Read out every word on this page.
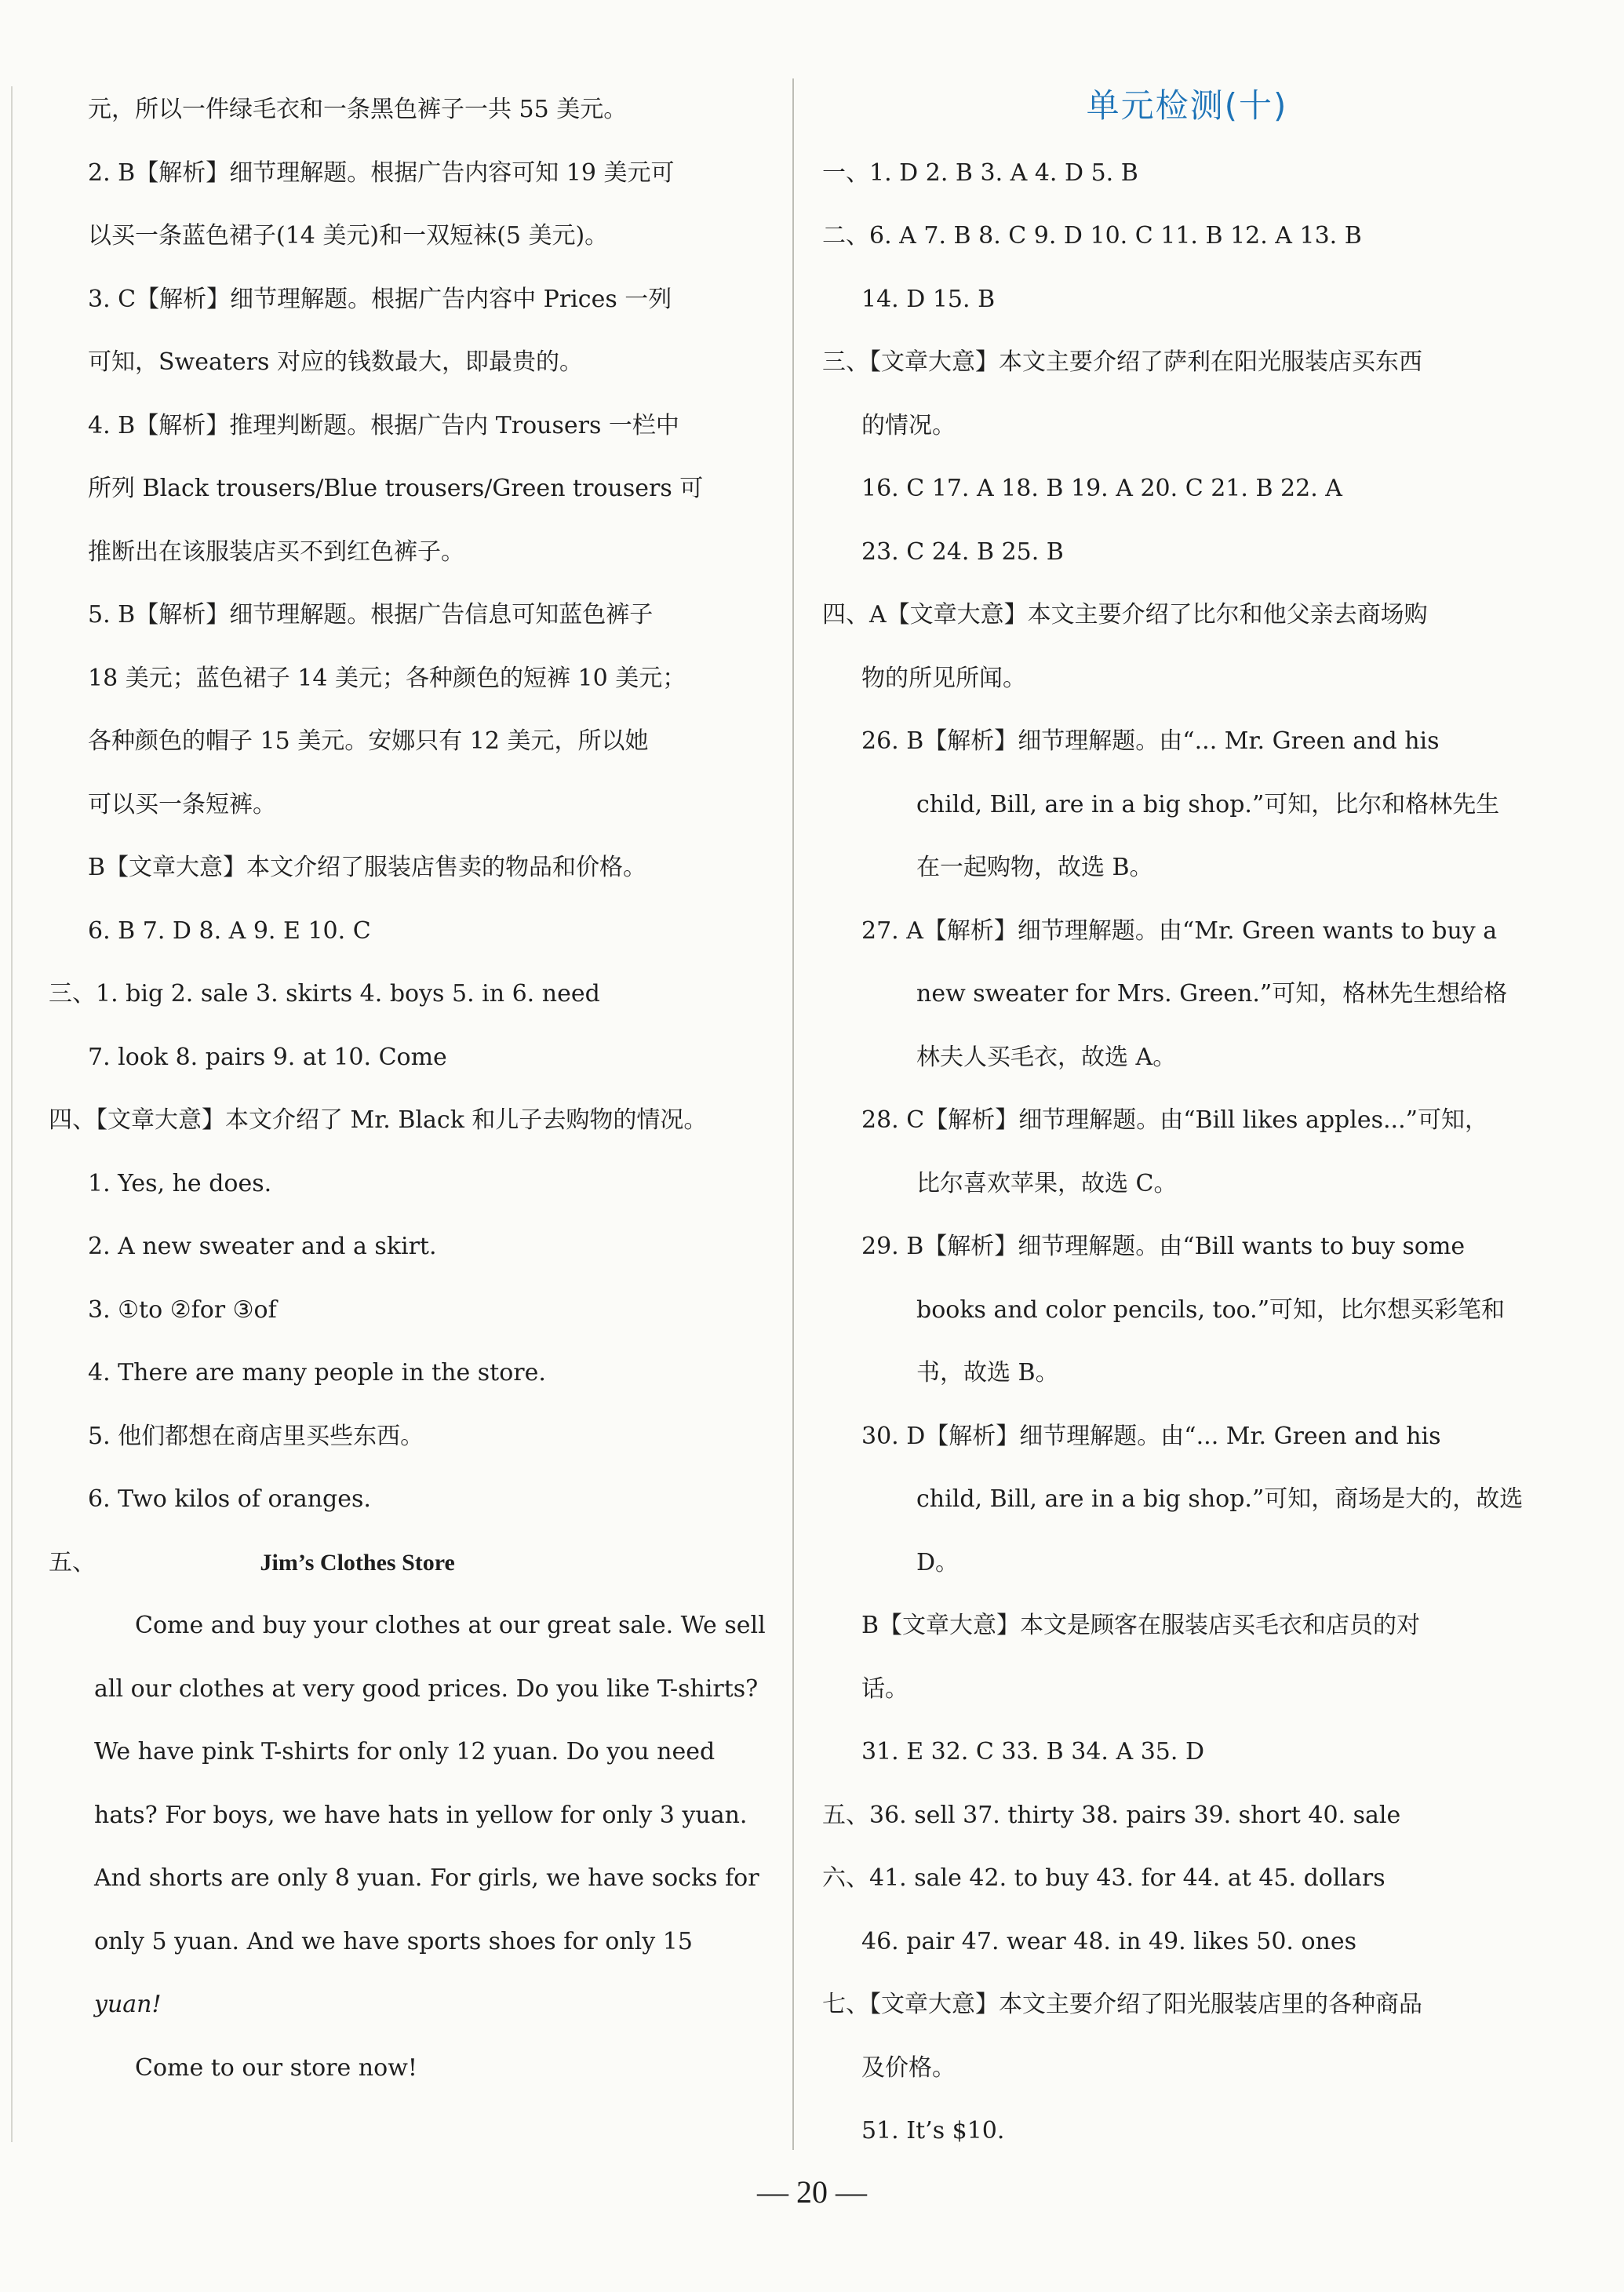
元，所以一件绿毛衣和一条黑色裤子一共 55 美元。
2. B【解析】细节理解题。根据广告内容可知 19 美元可
以买一条蓝色裙子(14 美元)和一双短袜(5 美元)。
3. C【解析】细节理解题。根据广告内容中 Prices 一列
可知，Sweaters 对应的钱数最大，即最贵的。
4. B【解析】推理判断题。根据广告内 Trousers 一栏中
所列 Black trousers/Blue trousers/Green trousers 可
推断出在该服装店买不到红色裤子。
5. B【解析】细节理解题。根据广告信息可知蓝色裤子
18 美元；蓝色裙子 14 美元；各种颜色的短裤 10 美元；
各种颜色的帽子 15 美元。安娜只有 12 美元，所以她
可以买一条短裤。
B【文章大意】本文介绍了服装店售卖的物品和价格。
6. B 7. D 8. A 9. E 10. C
三、1. big 2. sale 3. skirts 4. boys 5. in 6. need
7. look 8. pairs 9. at 10. Come
四、【文章大意】本文介绍了 Mr. Black 和儿子去购物的情况。
1. Yes, he does.
2. A new sweater and a skirt.
3. ①to ②for ③of
4. There are many people in the store.
5. 他们都想在商店里买些东西。
6. Two kilos of oranges.
五、	Jim’s Clothes Store
Come and buy your clothes at our great sale. We sell
all our clothes at very good prices. Do you like T-shirts?
We have pink T-shirts for only 12 yuan. Do you need
hats? For boys, we have hats in yellow for only 3 yuan.
And shorts are only 8 yuan. For girls, we have socks for
only 5 yuan. And we have sports shoes for only 15
yuan!
Come to our store now!
单元检测(十)
一、1. D 2. B 3. A 4. D 5. B
二、6. A 7. B 8. C 9. D 10. C 11. B 12. A 13. B
14. D 15. B
三、【文章大意】本文主要介绍了萨利在阳光服装店买东西
的情况。
16. C 17. A 18. B 19. A 20. C 21. B 22. A
23. C 24. B 25. B
四、A【文章大意】本文主要介绍了比尔和他父亲去商场购
物的所见所闻。
26. B【解析】细节理解题。由“... Mr. Green and his
child, Bill, are in a big shop.”可知，比尔和格林先生
在一起购物，故选 B。
27. A【解析】细节理解题。由“Mr. Green wants to buy a
new sweater for Mrs. Green.”可知，格林先生想给格
林夫人买毛衣，故选 A。
28. C【解析】细节理解题。由“Bill likes apples...”可知，
比尔喜欢苹果，故选 C。
29. B【解析】细节理解题。由“Bill wants to buy some
books and color pencils, too.”可知，比尔想买彩笔和
书，故选 B。
30. D【解析】细节理解题。由“... Mr. Green and his
child, Bill, are in a big shop.”可知，商场是大的，故选
D。
B【文章大意】本文是顾客在服装店买毛衣和店员的对
话。
31. E 32. C 33. B 34. A 35. D
五、36. sell 37. thirty 38. pairs 39. short 40. sale
六、41. sale 42. to buy 43. for 44. at 45. dollars
46. pair 47. wear 48. in 49. likes 50. ones
七、【文章大意】本文主要介绍了阳光服装店里的各种商品
及价格。
51. It’s $10.
— 20 —
